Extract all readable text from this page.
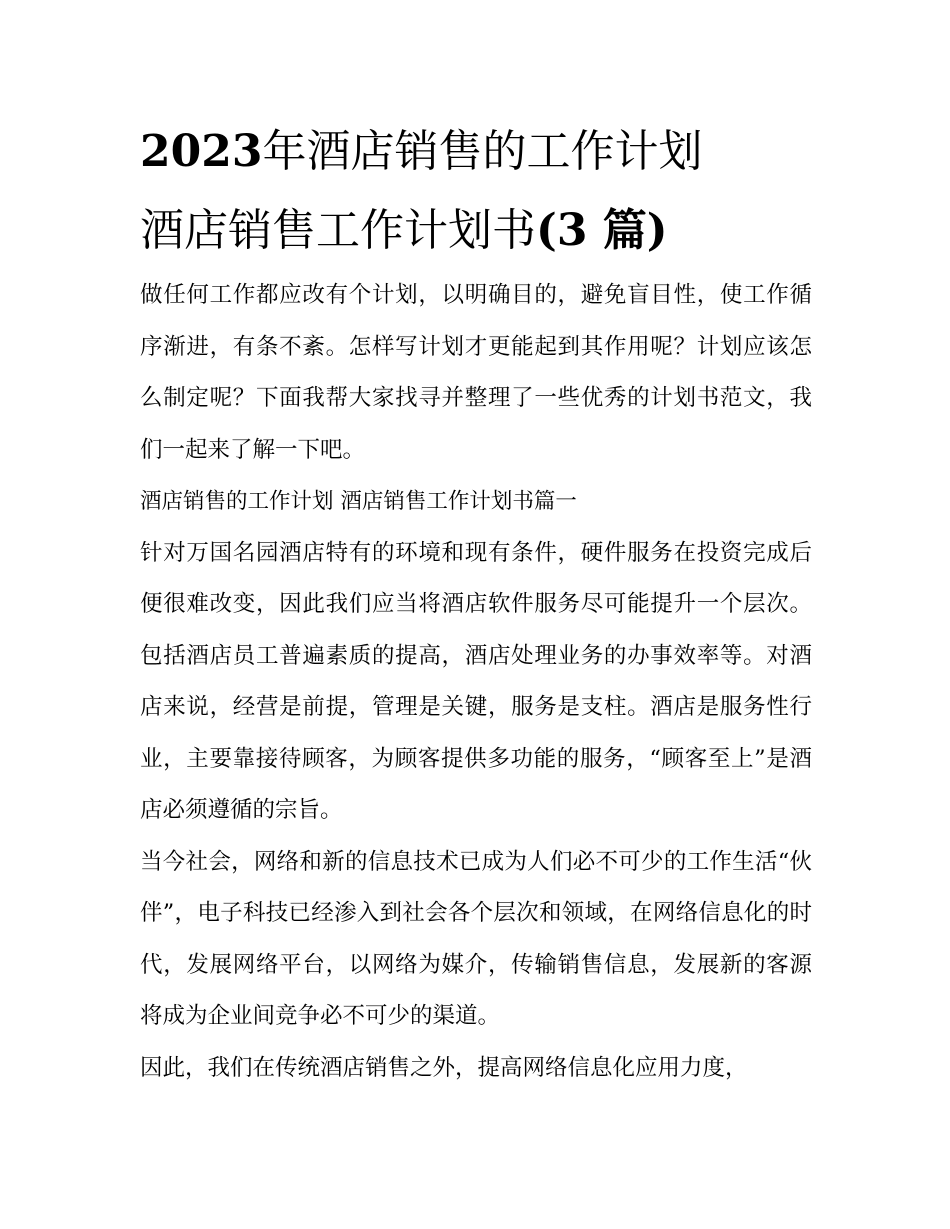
2023年酒店销售的工作计划
酒店销售工作计划书(3 篇)

做任何工作都应改有个计划，以明确目的，避免盲目性，使工作循序渐进，有条不紊。怎样写计划才更能起到其作用呢？计划应该怎么制定呢？下面我帮大家找寻并整理了一些优秀的计划书范文，我们一起来了解一下吧。

酒店销售的工作计划 酒店销售工作计划书篇一

针对万国名园酒店特有的环境和现有条件，硬件服务在投资完成后便很难改变，因此我们应当将酒店软件服务尽可能提升一个层次。包括酒店员工普遍素质的提高，酒店处理业务的办事效率等。对酒店来说，经营是前提，管理是关键，服务是支柱。酒店是服务性行业，主要靠接待顾客，为顾客提供多功能的服务，“顾客至上”是酒店必须遵循的宗旨。

当今社会，网络和新的信息技术已成为人们必不可少的工作生活“伙伴”，电子科技已经渗入到社会各个层次和领域，在网络信息化的时代，发展网络平台，以网络为媒介，传输销售信息，发展新的客源将成为企业间竞争必不可少的渠道。

因此，我们在传统酒店销售之外，提高网络信息化应用力度，
